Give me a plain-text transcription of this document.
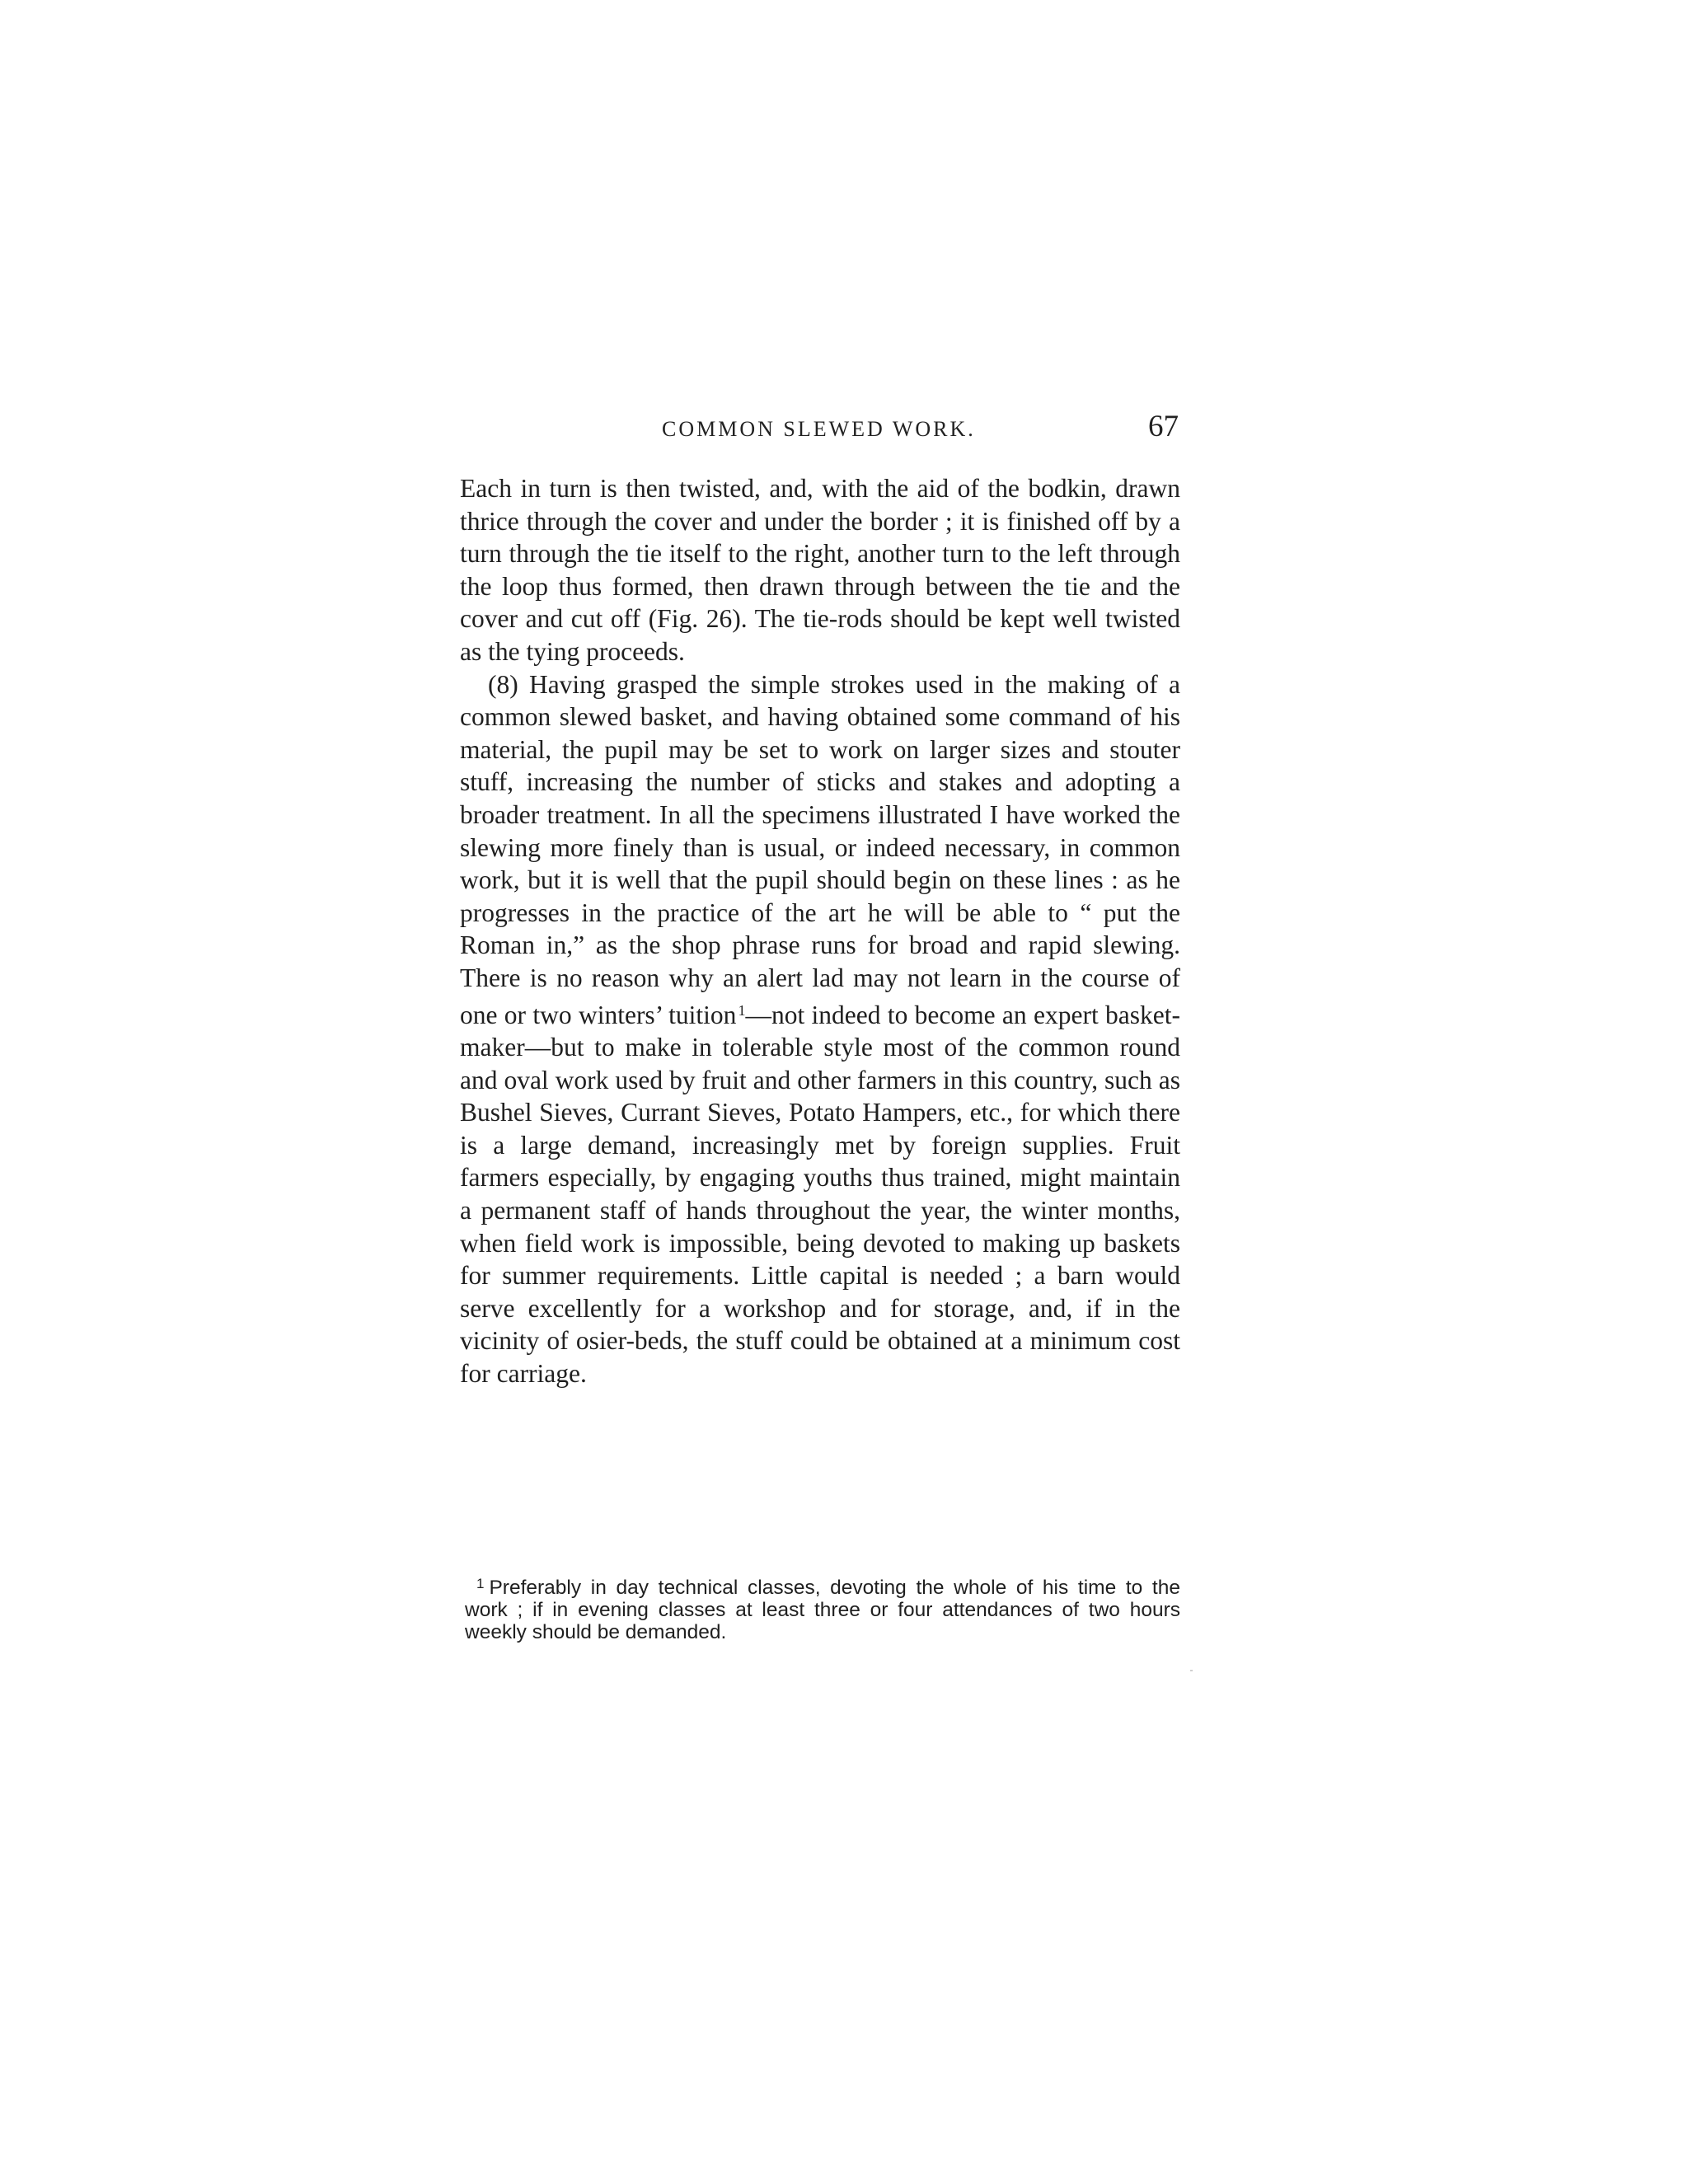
COMMON SLEWED WORK.	67

Each in turn is then twisted, and, with the aid of the bodkin, drawn thrice through the cover and under the border ; it is finished off by a turn through the tie itself to the right, another turn to the left through the loop thus formed, then drawn through between the tie and the cover and cut off (Fig. 26). The tie-rods should be kept well twisted as the tying proceeds.

(8) Having grasped the simple strokes used in the making of a common slewed basket, and having obtained some command of his material, the pupil may be set to work on larger sizes and stouter stuff, increasing the number of sticks and stakes and adopting a broader treatment. In all the specimens illustrated I have worked the slewing more finely than is usual, or indeed necessary, in common work, but it is well that the pupil should begin on these lines : as he progresses in the practice of the art he will be able to “ put the Roman in,” as the shop phrase runs for broad and rapid slewing. There is no reason why an alert lad may not learn in the course of one or two winters’ tuition $^1$—not indeed to become an expert basket-maker—but to make in tolerable style most of the common round and oval work used by fruit and other farmers in this country, such as Bushel Sieves, Currant Sieves, Potato Hampers, etc., for which there is a large demand, increasingly met by foreign supplies. Fruit farmers especially, by engaging youths thus trained, might maintain a permanent staff of hands throughout the year, the winter months, when field work is impossible, being devoted to making up baskets for summer requirements. Little capital is needed ; a barn would serve excellently for a workshop and for storage, and, if in the vicinity of osier-beds, the stuff could be obtained at a minimum cost for carriage.

$^1$ Preferably in day technical classes, devoting the whole of his time to the work ; if in evening classes at least three or four attendances of two hours weekly should be demanded.
